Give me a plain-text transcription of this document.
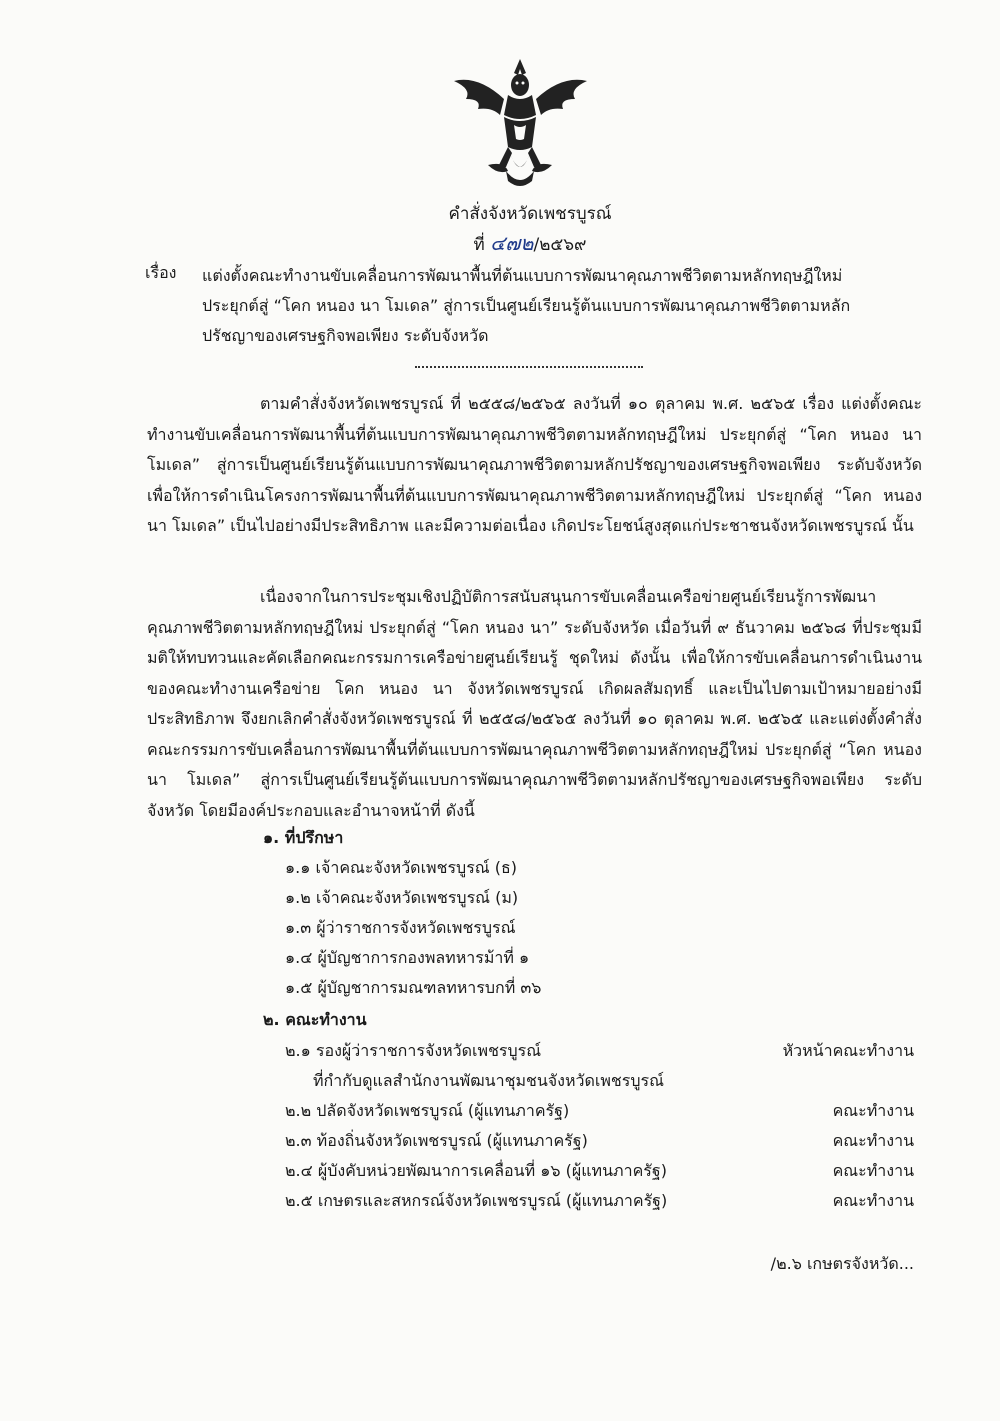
คำสั่งจังหวัดเพชรบูรณ์
ที่ ๔๗๒/๒๕๖๙
เรื่อง แต่งตั้งคณะทำงานขับเคลื่อนการพัฒนาพื้นที่ต้นแบบการพัฒนาคุณภาพชีวิตตามหลักทฤษฎีใหม่
ประยุกต์สู่ “โคก หนอง นา โมเดล” สู่การเป็นศูนย์เรียนรู้ต้นแบบการพัฒนาคุณภาพชีวิตตามหลัก
ปรัชญาของเศรษฐกิจพอเพียง ระดับจังหวัด
ตามคำสั่งจังหวัดเพชรบูรณ์ ที่ ๒๕๕๘/๒๕๖๕ ลงวันที่ ๑๐ ตุลาคม พ.ศ. ๒๕๖๕ เรื่อง แต่งตั้งคณะทำงานขับเคลื่อนการพัฒนาพื้นที่ต้นแบบการพัฒนาคุณภาพชีวิตตามหลักทฤษฎีใหม่ ประยุกต์สู่ “โคก หนอง นา โมเดล” สู่การเป็นศูนย์เรียนรู้ต้นแบบการพัฒนาคุณภาพชีวิตตามหลักปรัชญาของเศรษฐกิจพอเพียง ระดับจังหวัด เพื่อให้การดำเนินโครงการพัฒนาพื้นที่ต้นแบบการพัฒนาคุณภาพชีวิตตามหลักทฤษฎีใหม่ ประยุกต์สู่ “โคก หนอง นา โมเดล” เป็นไปอย่างมีประสิทธิภาพ และมีความต่อเนื่อง เกิดประโยชน์สูงสุดแก่ประชาชนจังหวัดเพชรบูรณ์ นั้น
เนื่องจากในการประชุมเชิงปฏิบัติการสนับสนุนการขับเคลื่อนเครือข่ายศูนย์เรียนรู้การพัฒนาคุณภาพชีวิตตามหลักทฤษฎีใหม่ ประยุกต์สู่ “โคก หนอง นา” ระดับจังหวัด เมื่อวันที่ ๙ ธันวาคม ๒๕๖๘ ที่ประชุมมีมติให้ทบทวนและคัดเลือกคณะกรรมการเครือข่ายศูนย์เรียนรู้ ชุดใหม่ ดังนั้น เพื่อให้การขับเคลื่อนการดำเนินงานของคณะทำงานเครือข่าย โคก หนอง นา จังหวัดเพชรบูรณ์ เกิดผลสัมฤทธิ์ และเป็นไปตามเป้าหมายอย่างมีประสิทธิภาพ จึงยกเลิกคำสั่งจังหวัดเพชรบูรณ์ ที่ ๒๕๕๘/๒๕๖๕ ลงวันที่ ๑๐ ตุลาคม พ.ศ. ๒๕๖๕ และแต่งตั้งคำสั่งคณะกรรมการขับเคลื่อนการพัฒนาพื้นที่ต้นแบบการพัฒนาคุณภาพชีวิตตามหลักทฤษฎีใหม่ ประยุกต์สู่ “โคก หนอง นา โมเดล” สู่การเป็นศูนย์เรียนรู้ต้นแบบการพัฒนาคุณภาพชีวิตตามหลักปรัชญาของเศรษฐกิจพอเพียง ระดับจังหวัด โดยมีองค์ประกอบและอำนาจหน้าที่ ดังนี้
๑. ที่ปรึกษา
๑.๑ เจ้าคณะจังหวัดเพชรบูรณ์ (ธ)
๑.๒ เจ้าคณะจังหวัดเพชรบูรณ์ (ม)
๑.๓ ผู้ว่าราชการจังหวัดเพชรบูรณ์
๑.๔ ผู้บัญชาการกองพลทหารม้าที่ ๑
๑.๕ ผู้บัญชาการมณฑลทหารบกที่ ๓๖
๒. คณะทำงาน
๒.๑ รองผู้ว่าราชการจังหวัดเพชรบูรณ์	หัวหน้าคณะทำงาน
ที่กำกับดูแลสำนักงานพัฒนาชุมชนจังหวัดเพชรบูรณ์
๒.๒ ปลัดจังหวัดเพชรบูรณ์ (ผู้แทนภาครัฐ)	คณะทำงาน
๒.๓ ท้องถิ่นจังหวัดเพชรบูรณ์ (ผู้แทนภาครัฐ)	คณะทำงาน
๒.๔ ผู้บังคับหน่วยพัฒนาการเคลื่อนที่ ๑๖ (ผู้แทนภาครัฐ)	คณะทำงาน
๒.๕ เกษตรและสหกรณ์จังหวัดเพชรบูรณ์ (ผู้แทนภาครัฐ)	คณะทำงาน
/๒.๖ เกษตรจังหวัด...
